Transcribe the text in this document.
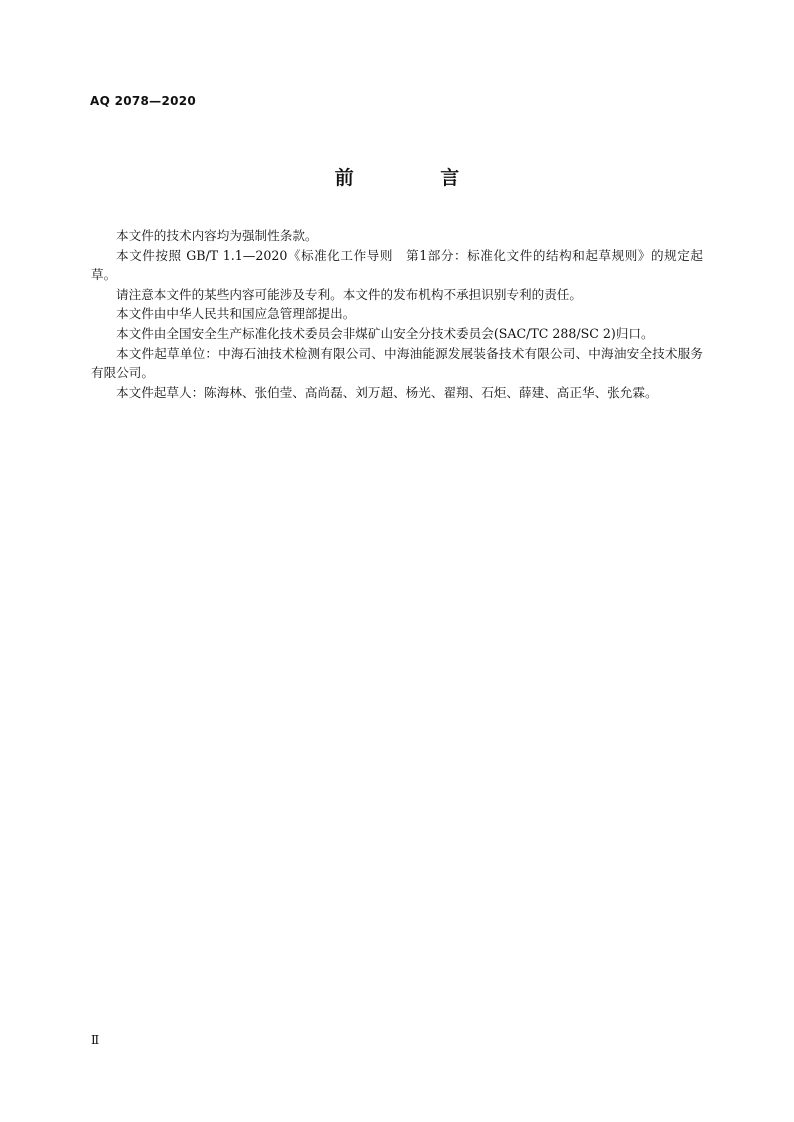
AQ 2078—2020
前 言

本文件的技术内容均为强制性条款。

本文件按照 GB/T 1.1—2020《标准化工作导则　第1部分：标准化文件的结构和起草规则》的规定起草。

请注意本文件的某些内容可能涉及专利。本文件的发布机构不承担识别专利的责任。

本文件由中华人民共和国应急管理部提出。

本文件由全国安全生产标准化技术委员会非煤矿山安全分技术委员会(SAC/TC 288/SC 2)归口。

本文件起草单位：中海石油技术检测有限公司、中海油能源发展装备技术有限公司、中海油安全技术服务有限公司。

本文件起草人：陈海林、张伯莹、高尚磊、刘万超、杨光、翟翔、石炬、薛建、高正华、张允霖。

Ⅱ
